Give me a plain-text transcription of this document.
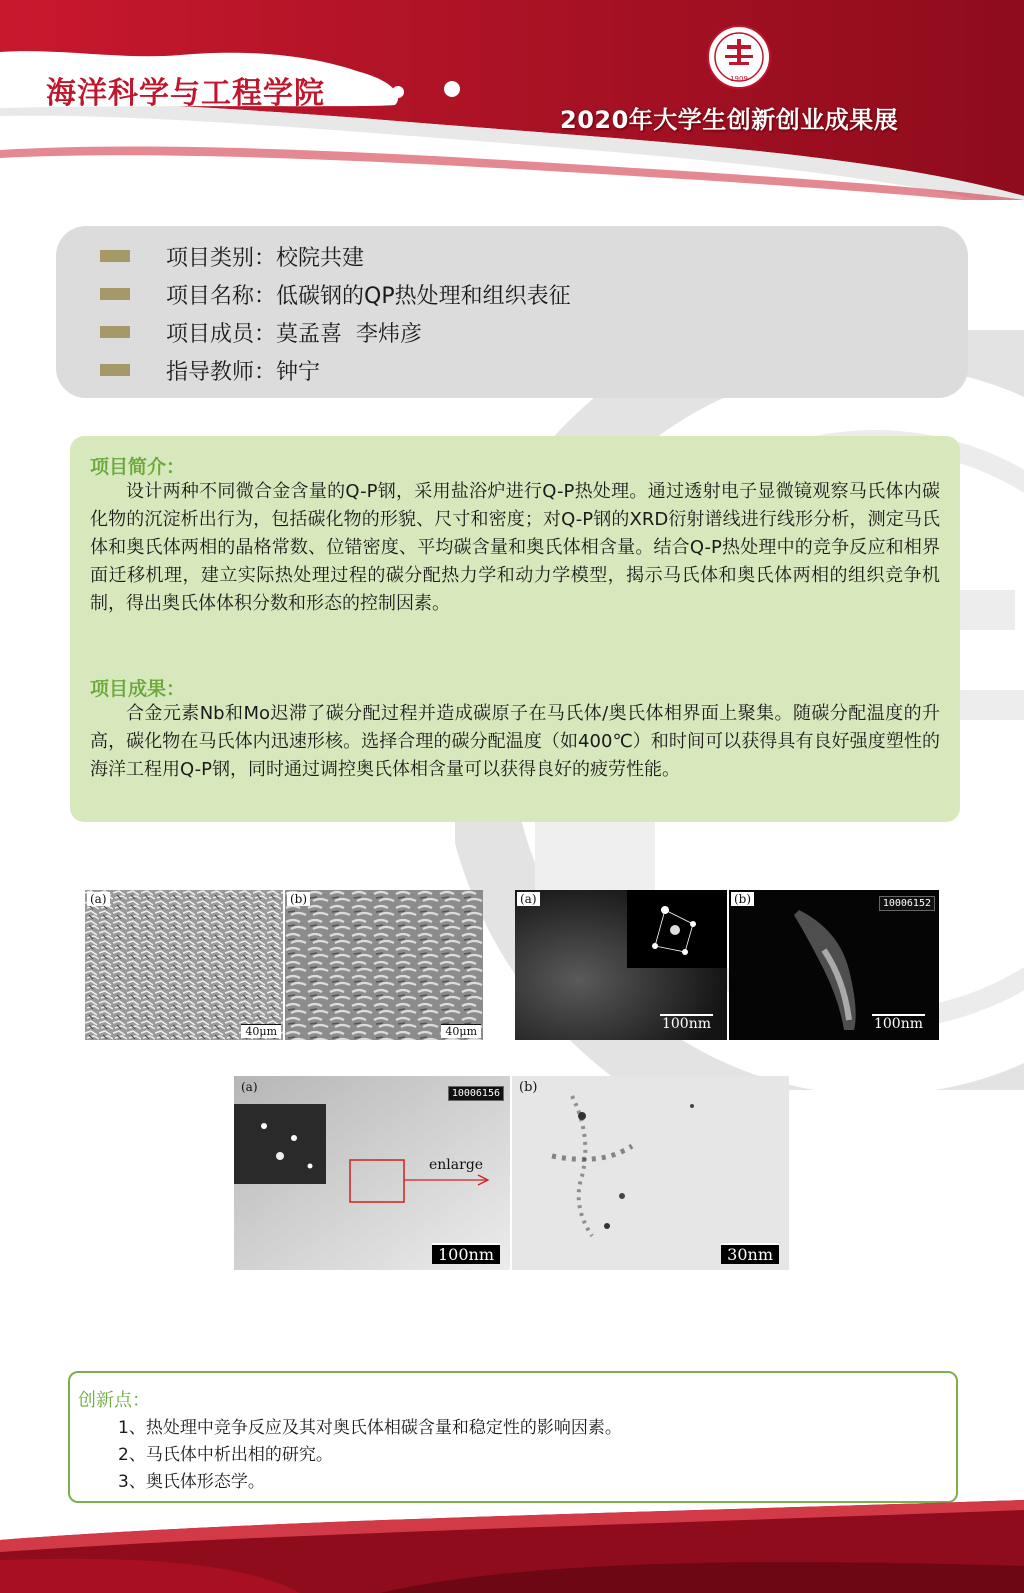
海洋科学与工程学院
2020年大学生创新创业成果展
1909
项目类别： 校院共建
项目名称： 低碳钢的QP热处理和组织表征
项目成员： 莫孟喜  李炜彦
指导教师： 钟宁
项目简介：
设计两种不同微合金含量的Q-P钢，采用盐浴炉进行Q-P热处理。通过透射电子显微镜观察马氏体内碳化物的沉淀析出行为，包括碳化物的形貌、尺寸和密度；对Q-P钢的XRD衍射谱线进行线形分析，测定马氏体和奥氏体两相的晶格常数、位错密度、平均碳含量和奥氏体相含量。结合Q-P热处理中的竞争反应和相界面迁移机理，建立实际热处理过程的碳分配热力学和动力学模型，揭示马氏体和奥氏体两相的组织竞争机制，得出奥氏体体积分数和形态的控制因素。
项目成果：
合金元素Nb和Mo迟滞了碳分配过程并造成碳原子在马氏体/奥氏体相界面上聚集。随碳分配温度的升高，碳化物在马氏体内迅速形核。选择合理的碳分配温度（如400℃）和时间可以获得具有良好强度塑性的海洋工程用Q-P钢，同时通过调控奥氏体相含量可以获得良好的疲劳性能。
(a)
40μm
(b)
40μm
(a)
100nm
(b)	10006152
100nm
(a)	10006156
enlarge
100nm
(b)
30nm
创新点：
1、热处理中竞争反应及其对奥氏体相碳含量和稳定性的影响因素。
2、马氏体中析出相的研究。
3、奥氏体形态学。
